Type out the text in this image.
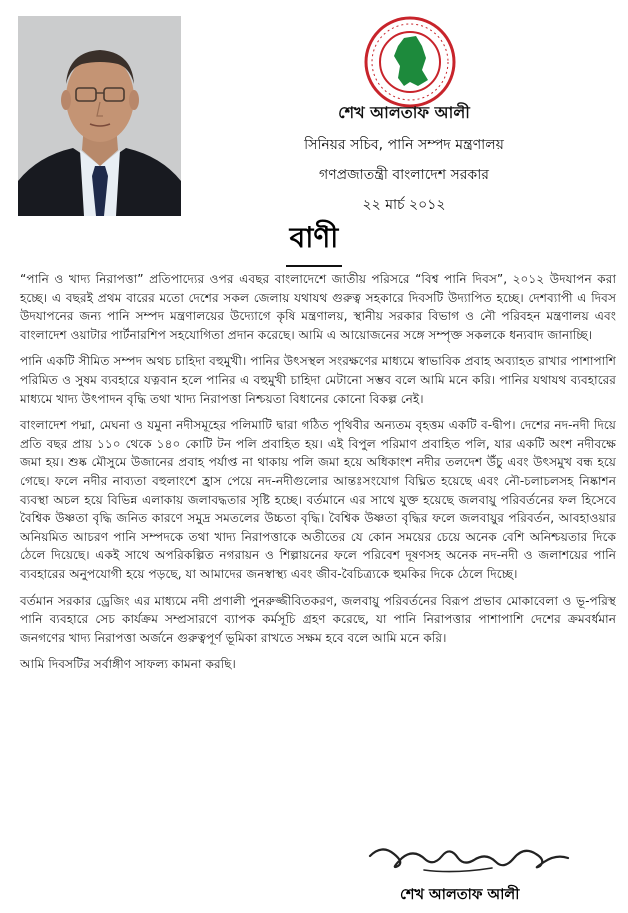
শেখ আলতাফ আলী

সিনিয়র সচিব, পানি সম্পদ মন্ত্রণালয়

গণপ্রজাতন্ত্রী বাংলাদেশ সরকার

২২ মার্চ ২০১২

বাণী

“পানি ও খাদ্য নিরাপত্তা” প্রতিপাদ্যের ওপর এবছর বাংলাদেশে জাতীয় পরিসরে “বিশ্ব পানি দিবস”, ২০১২ উদযাপন করা হচ্ছে। এ বছরই প্রথম বারের মতো দেশের সকল জেলায় যথাযথ গুরুত্ব সহকারে দিবসটি উদ্যাপিত হচ্ছে। দেশব্যাপী এ দিবস উদযাপনের জন্য পানি সম্পদ মন্ত্রণালয়ের উদ্যোগে কৃষি মন্ত্রণালয়, স্থানীয় সরকার বিভাগ ও নৌ পরিবহন মন্ত্রণালয় এবং বাংলাদেশ ওয়াটার পার্টনারশিপ সহযোগিতা প্রদান করেছে। আমি এ আয়োজনের সঙ্গে সম্পৃক্ত সকলকে ধন্যবাদ জানাচ্ছি।

পানি একটি সীমিত সম্পদ অথচ চাহিদা বহুমুখী। পানির উৎসস্থল সংরক্ষণের মাধ্যমে স্বাভাবিক প্রবাহ অব্যাহত রাখার পাশাপাশি পরিমিত ও সুষম ব্যবহারে যত্নবান হলে পানির এ বহুমুখী চাহিদা মেটানো সম্ভব বলে আমি মনে করি। পানির যথাযথ ব্যবহারের মাধ্যমে খাদ্য উৎপাদন বৃদ্ধি তথা খাদ্য নিরাপত্তা নিশ্চয়তা বিধানের কোনো বিকল্প নেই।

বাংলাদেশ পদ্মা, মেঘনা ও যমুনা নদীসমূহের পলিমাটি দ্বারা গঠিত পৃথিবীর অন্যতম বৃহত্তম একটি ব-দ্বীপ। দেশের নদ-নদী দিয়ে প্রতি বছর প্রায় ১১০ থেকে ১৪০ কোটি টন পলি প্রবাহিত হয়। এই বিপুল পরিমাণ প্রবাহিত পলি, যার একটি অংশ নদীবক্ষে জমা হয়। শুষ্ক মৌসুমে উজানের প্রবাহ পর্যাপ্ত না থাকায় পলি জমা হয়ে অধিকাংশ নদীর তলদেশ উঁচু এবং উৎসমুখ বন্ধ হয়ে গেছে। ফলে নদীর নাব্যতা বহুলাংশে হ্রাস পেয়ে নদ-নদীগুলোর আন্তঃসংযোগ বিঘ্নিত হয়েছে এবং নৌ-চলাচলসহ নিষ্কাশন ব্যবস্থা অচল হয়ে বিভিন্ন এলাকায় জলাবদ্ধতার সৃষ্টি হচ্ছে। বর্তমানে এর সাথে যুক্ত হয়েছে জলবায়ু পরিবর্তনের ফল হিসেবে বৈশ্বিক উষ্ণতা বৃদ্ধি জনিত কারণে সমুদ্র সমতলের উচ্চতা বৃদ্ধি। বৈশ্বিক উষ্ণতা বৃদ্ধির ফলে জলবায়ুর পরিবর্তন, আবহাওয়ার অনিয়মিত আচরণ পানি সম্পদকে তথা খাদ্য নিরাপত্তাকে অতীতের যে কোন সময়ের চেয়ে অনেক বেশি অনিশ্চয়তার দিকে ঠেলে দিয়েছে। একই সাথে অপরিকল্পিত নগরায়ন ও শিল্পায়নের ফলে পরিবেশ দূষণসহ অনেক নদ-নদী ও জলাশয়ের পানি ব্যবহারের অনুপযোগী হয়ে পড়ছে, যা আমাদের জনস্বাস্থ্য এবং জীব-বৈচিত্র্যকে হুমকির দিকে ঠেলে দিচ্ছে।

বর্তমান সরকার ড্রেজিং এর মাধ্যমে নদী প্রণালী পুনরুজ্জীবিতকরণ, জলবায়ু পরিবর্তনের বিরূপ প্রভাব মোকাবেলা ও ভূ-পরিস্থ পানি ব্যবহারে সেচ কার্যক্রম সম্প্রসারণে ব্যাপক কর্মসূচি গ্রহণ করেছে, যা পানি নিরাপত্তার পাশাপাশি দেশের ক্রমবর্ধমান জনগণের খাদ্য নিরাপত্তা অর্জনে গুরুত্বপূর্ণ ভূমিকা রাখতে সক্ষম হবে বলে আমি মনে করি।

আমি দিবসটির সর্বাঙ্গীণ সাফল্য কামনা করছি।

শেখ আলতাফ আলী
